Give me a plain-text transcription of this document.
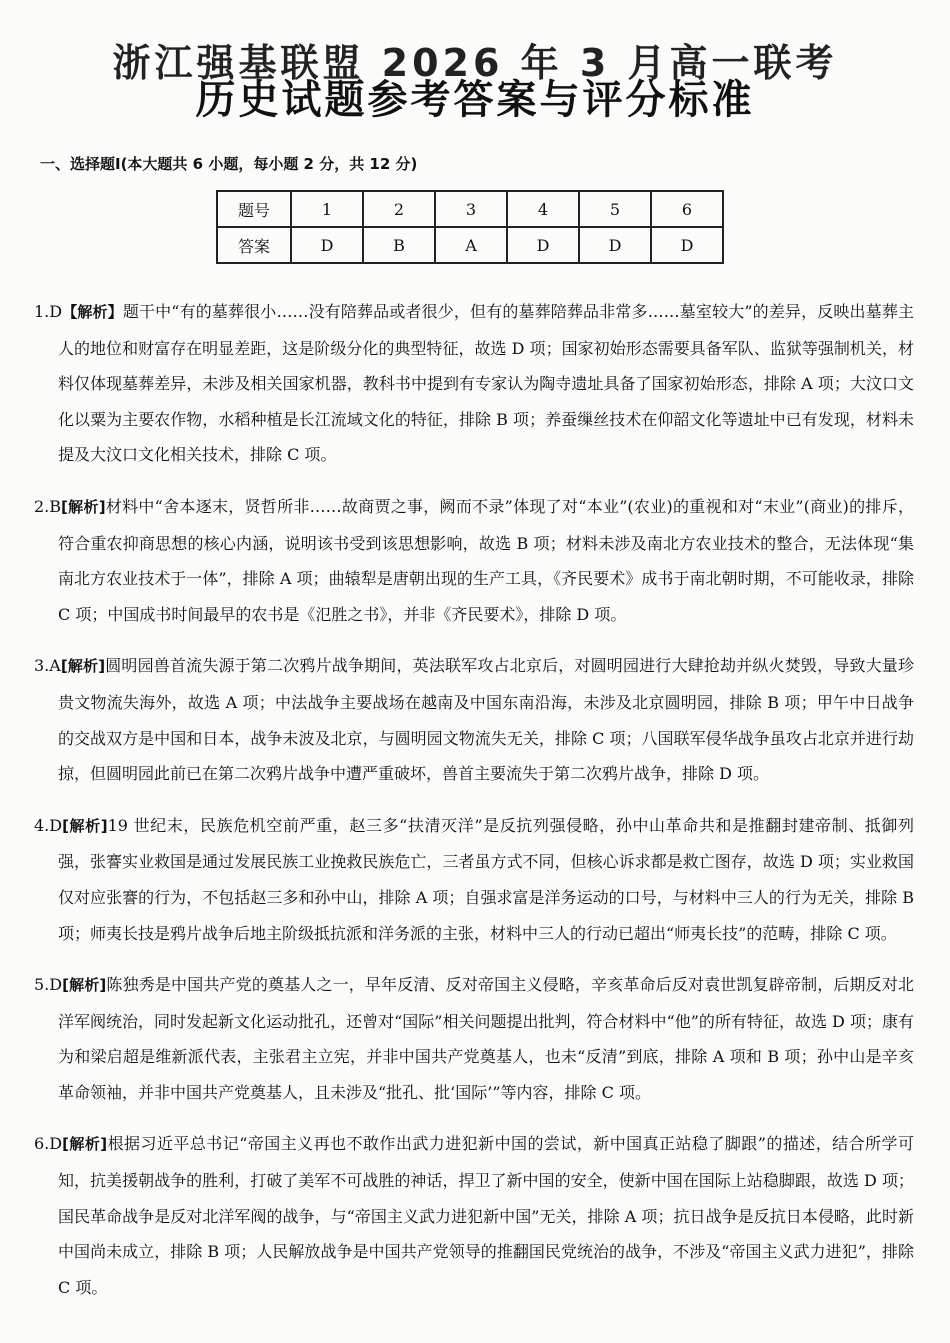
浙江强基联盟 2026 年 3 月高一联考
历史试题参考答案与评分标准
一、选择题Ⅰ(本大题共 6 小题，每小题 2 分，共 12 分)
题号	1	2	3	4	5	6
答案	D	B	A	D	D	D

1.D【解析】题干中“有的墓葬很小……没有陪葬品或者很少，但有的墓葬陪葬品非常多……墓室较大”的差异，反映出墓葬主人的地位和财富存在明显差距，这是阶级分化的典型特征，故选 D 项；国家初始形态需要具备军队、监狱等强制机关，材料仅体现墓葬差异，未涉及相关国家机器，教科书中提到有专家认为陶寺遗址具备了国家初始形态，排除 A 项；大汶口文化以粟为主要农作物，水稻种植是长江流域文化的特征，排除 B 项；养蚕缫丝技术在仰韶文化等遗址中已有发现，材料未提及大汶口文化相关技术，排除 C 项。

2.B[解析]材料中“舍本逐末，贤哲所非……故商贾之事，阙而不录”体现了对“本业”(农业)的重视和对“末业”(商业)的排斥，符合重农抑商思想的核心内涵，说明该书受到该思想影响，故选 B 项；材料未涉及南北方农业技术的整合，无法体现“集南北方农业技术于一体”，排除 A 项；曲辕犁是唐朝出现的生产工具，《齐民要术》成书于南北朝时期，不可能收录，排除 C 项；中国成书时间最早的农书是《氾胜之书》，并非《齐民要术》，排除 D 项。

3.A[解析]圆明园兽首流失源于第二次鸦片战争期间，英法联军攻占北京后，对圆明园进行大肆抢劫并纵火焚毁，导致大量珍贵文物流失海外，故选 A 项；中法战争主要战场在越南及中国东南沿海，未涉及北京圆明园，排除 B 项；甲午中日战争的交战双方是中国和日本，战争未波及北京，与圆明园文物流失无关，排除 C 项；八国联军侵华战争虽攻占北京并进行劫掠，但圆明园此前已在第二次鸦片战争中遭严重破坏，兽首主要流失于第二次鸦片战争，排除 D 项。

4.D[解析]19 世纪末，民族危机空前严重，赵三多“扶清灭洋”是反抗列强侵略，孙中山革命共和是推翻封建帝制、抵御列强，张謇实业救国是通过发展民族工业挽救民族危亡，三者虽方式不同，但核心诉求都是救亡图存，故选 D 项；实业救国仅对应张謇的行为，不包括赵三多和孙中山，排除 A 项；自强求富是洋务运动的口号，与材料中三人的行为无关，排除 B 项；师夷长技是鸦片战争后地主阶级抵抗派和洋务派的主张，材料中三人的行动已超出“师夷长技”的范畴，排除 C 项。

5.D[解析]陈独秀是中国共产党的奠基人之一，早年反清、反对帝国主义侵略，辛亥革命后反对袁世凯复辟帝制，后期反对北洋军阀统治，同时发起新文化运动批孔，还曾对“国际”相关问题提出批判，符合材料中“他”的所有特征，故选 D 项；康有为和梁启超是维新派代表，主张君主立宪，并非中国共产党奠基人，也未“反清”到底，排除 A 项和 B 项；孙中山是辛亥革命领袖，并非中国共产党奠基人，且未涉及“批孔、批‘国际’”等内容，排除 C 项。

6.D[解析]根据习近平总书记“帝国主义再也不敢作出武力进犯新中国的尝试，新中国真正站稳了脚跟”的描述，结合所学可知，抗美援朝战争的胜利，打破了美军不可战胜的神话，捍卫了新中国的安全，使新中国在国际上站稳脚跟，故选 D 项；国民革命战争是反对北洋军阀的战争，与“帝国主义武力进犯新中国”无关，排除 A 项；抗日战争是反抗日本侵略，此时新中国尚未成立，排除 B 项；人民解放战争是中国共产党领导的推翻国民党统治的战争，不涉及“帝国主义武力进犯”，排除 C 项。
